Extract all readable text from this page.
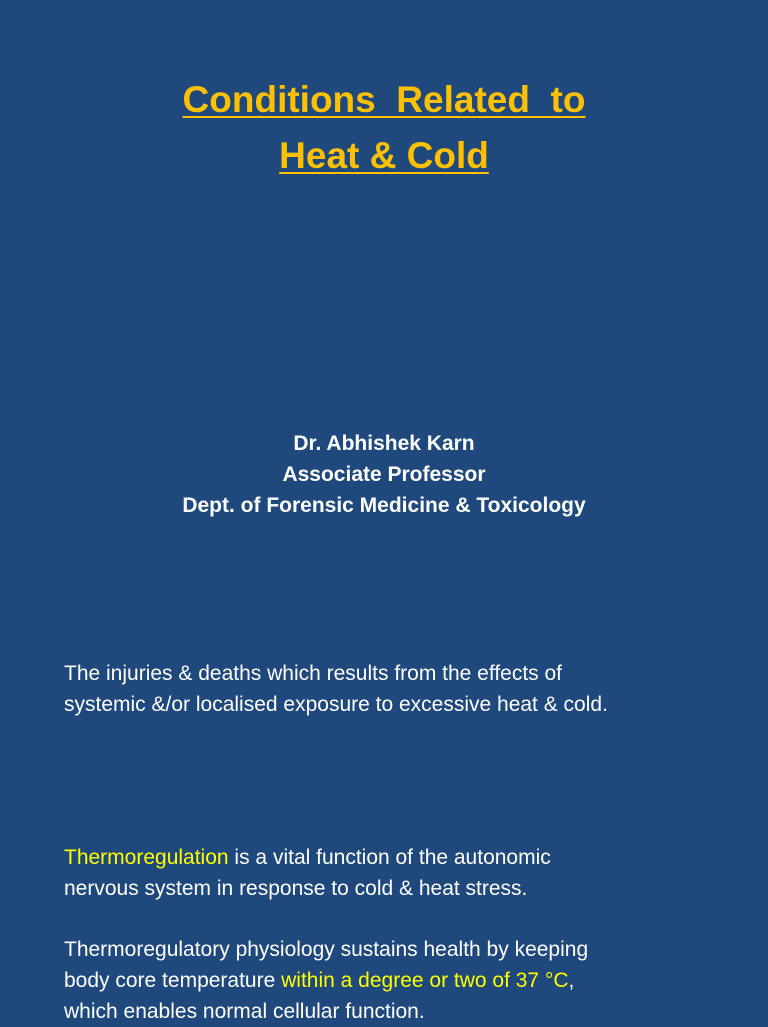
Conditions  Related  to
Heat & Cold
Dr. Abhishek Karn
Associate Professor
Dept. of Forensic Medicine & Toxicology
The injuries & deaths which results from the effects of
systemic &/or localised exposure to excessive heat & cold.
Thermoregulation is a vital function of the autonomic
nervous system in response to cold & heat stress.
Thermoregulatory physiology sustains health by keeping
body core temperature within a degree or two of 37 °C,
which enables normal cellular function.
